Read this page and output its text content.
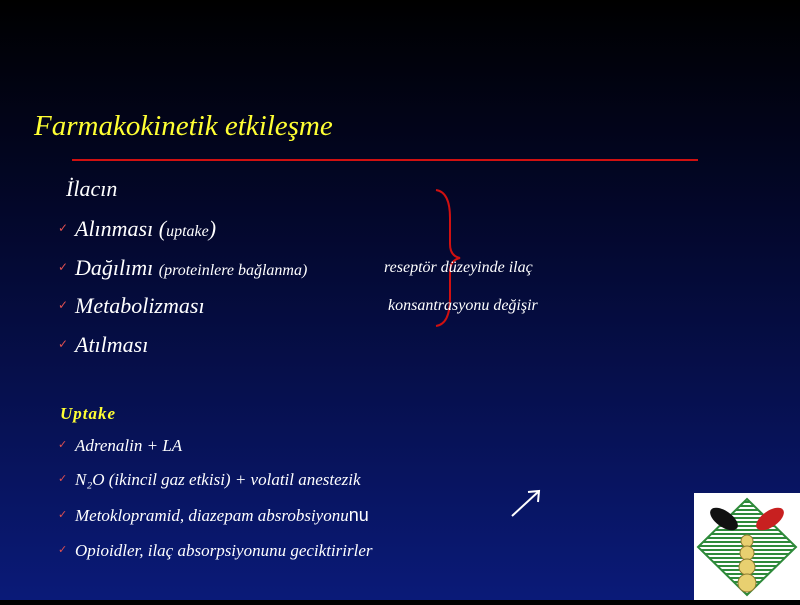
Farmakokinetik etkileşme
İlacın
✓ Alınması (uptake)
✓ Dağılımı (proteinlere bağlanma)
✓ Metabolizması
✓ Atılması
reseptör düzeyinde ilaç
konsantrasyonu değişir
Uptake
✓ Adrenalin + LA
✓ N₂O (ikincil gaz etkisi) + volatil anestezik
✓ Metoklopramid, diazepam absrobsiyonunu
✓ Opioidler, ilaç absorpsiyonunu geciktirirler
